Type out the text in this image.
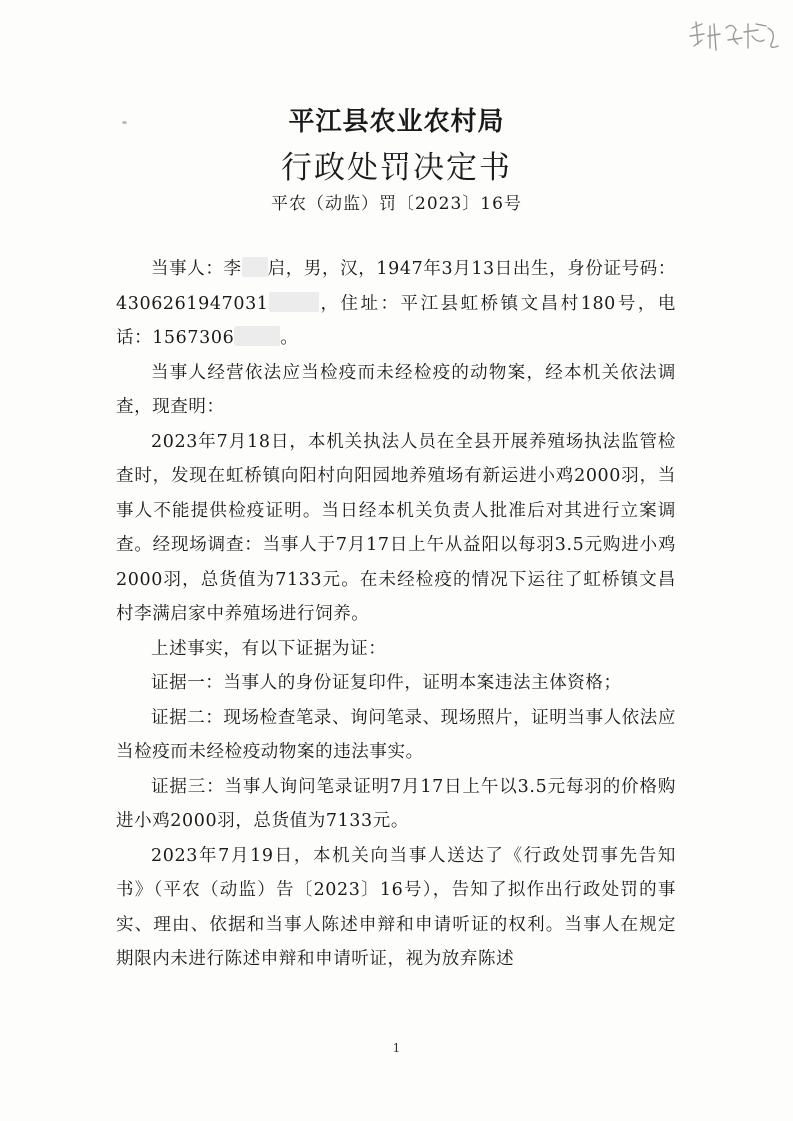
平江县农业农村局
行政处罚决定书
平农（动监）罚〔2023〕16号

当事人：李 启，男，汉，1947年3月13日出生，身份证号码：4306261947031	，住址：平江县虹桥镇文昌村180号，电话：1567306	。

当事人经营依法应当检疫而未经检疫的动物案，经本机关依法调查，现查明：

2023年7月18日，本机关执法人员在全县开展养殖场执法监管检查时，发现在虹桥镇向阳村向阳园地养殖场有新运进小鸡2000羽，当事人不能提供检疫证明。当日经本机关负责人批准后对其进行立案调查。经现场调查：当事人于7月17日上午从益阳以每羽3.5元购进小鸡2000羽，总货值为7133元。在未经检疫的情况下运往了虹桥镇文昌村李满启家中养殖场进行饲养。

上述事实，有以下证据为证：

证据一：当事人的身份证复印件，证明本案违法主体资格；

证据二：现场检查笔录、询问笔录、现场照片，证明当事人依法应当检疫而未经检疫动物案的违法事实。

证据三：当事人询问笔录证明7月17日上午以3.5元每羽的价格购进小鸡2000羽，总货值为7133元。

2023年7月19日，本机关向当事人送达了《行政处罚事先告知书》（平农（动监）告〔2023〕16号），告知了拟作出行政处罚的事实、理由、依据和当事人陈述申辩和申请听证的权利。当事人在规定期限内未进行陈述申辩和申请听证，视为放弃陈述

1
